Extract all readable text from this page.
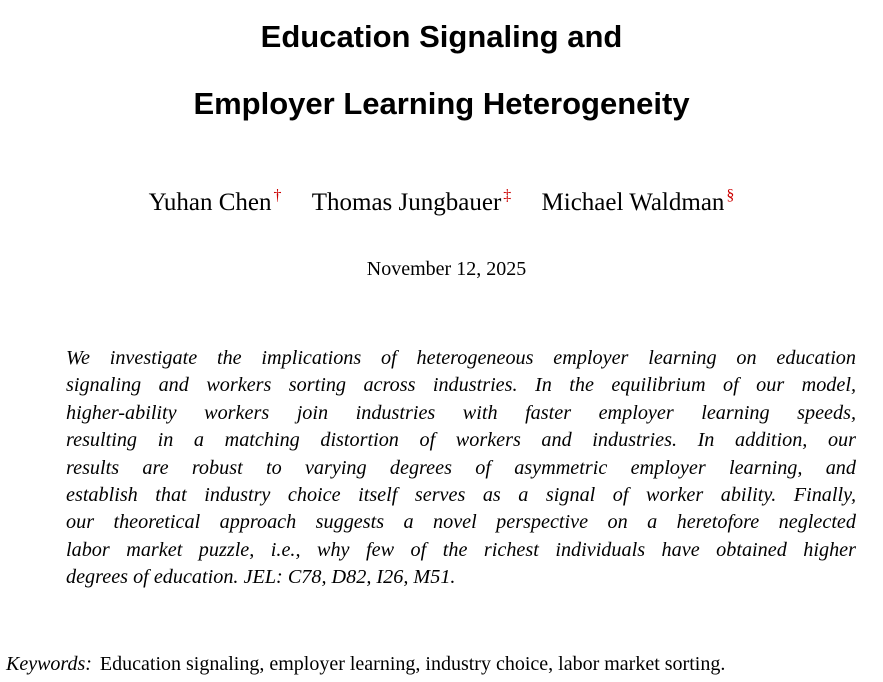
Education Signaling and
Employer Learning Heterogeneity
Yuhan Chen † Thomas Jungbauer ‡ Michael Waldman §
November 12, 2025
We investigate the implications of heterogeneous employer learning on education
signaling and workers sorting across industries. In the equilibrium of our model,
higher-ability workers join industries with faster employer learning speeds,
resulting in a matching distortion of workers and industries. In addition, our
results are robust to varying degrees of asymmetric employer learning, and
establish that industry choice itself serves as a signal of worker ability. Finally,
our theoretical approach suggests a novel perspective on a heretofore neglected
labor market puzzle, i.e., why few of the richest individuals have obtained higher
degrees of education. JEL: C78, D82, I26, M51.
Keywords: Education signaling, employer learning, industry choice, labor market sorting.
